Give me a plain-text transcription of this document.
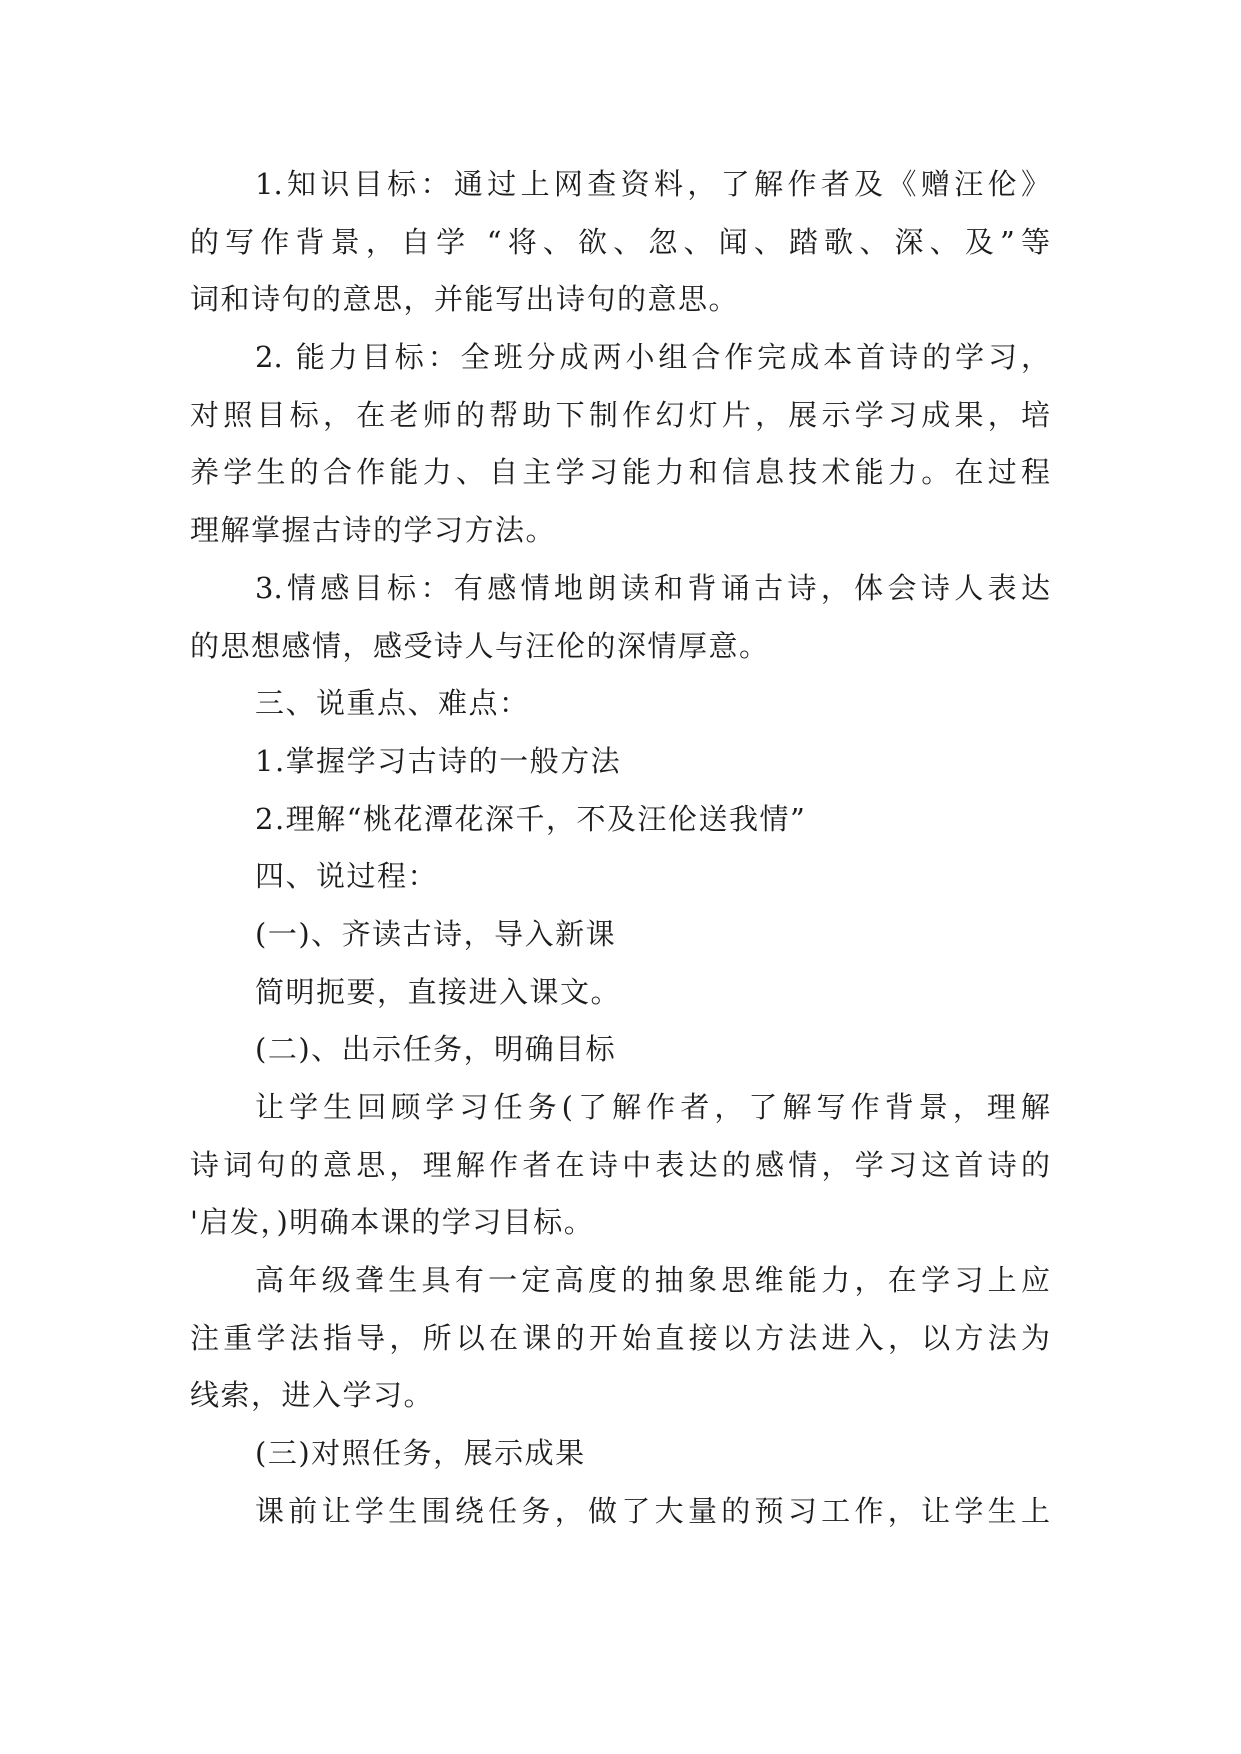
1.知识目标：通过上网查资料，了解作者及《赠汪伦》
的写作背景，自学 “将、欲、忽、闻、踏歌、深、及”等
词和诗句的意思，并能写出诗句的意思。
2. 能力目标：全班分成两小组合作完成本首诗的学习，
对照目标，在老师的帮助下制作幻灯片，展示学习成果，培
养学生的合作能力、自主学习能力和信息技术能力。在过程
理解掌握古诗的学习方法。
3.情感目标：有感情地朗读和背诵古诗，体会诗人表达
的思想感情，感受诗人与汪伦的深情厚意。
三、说重点、难点：
1.掌握学习古诗的一般方法
2.理解“桃花潭花深千，不及汪伦送我情”
四、说过程：
(一)、齐读古诗，导入新课
简明扼要，直接进入课文。
(二)、出示任务，明确目标
让学生回顾学习任务(了解作者，了解写作背景，理解
诗词句的意思，理解作者在诗中表达的感情，学习这首诗的
'启发，)明确本课的学习目标。
高年级聋生具有一定高度的抽象思维能力，在学习上应
注重学法指导，所以在课的开始直接以方法进入，以方法为
线索，进入学习。
(三)对照任务，展示成果
课前让学生围绕任务，做了大量的预习工作，让学生上
